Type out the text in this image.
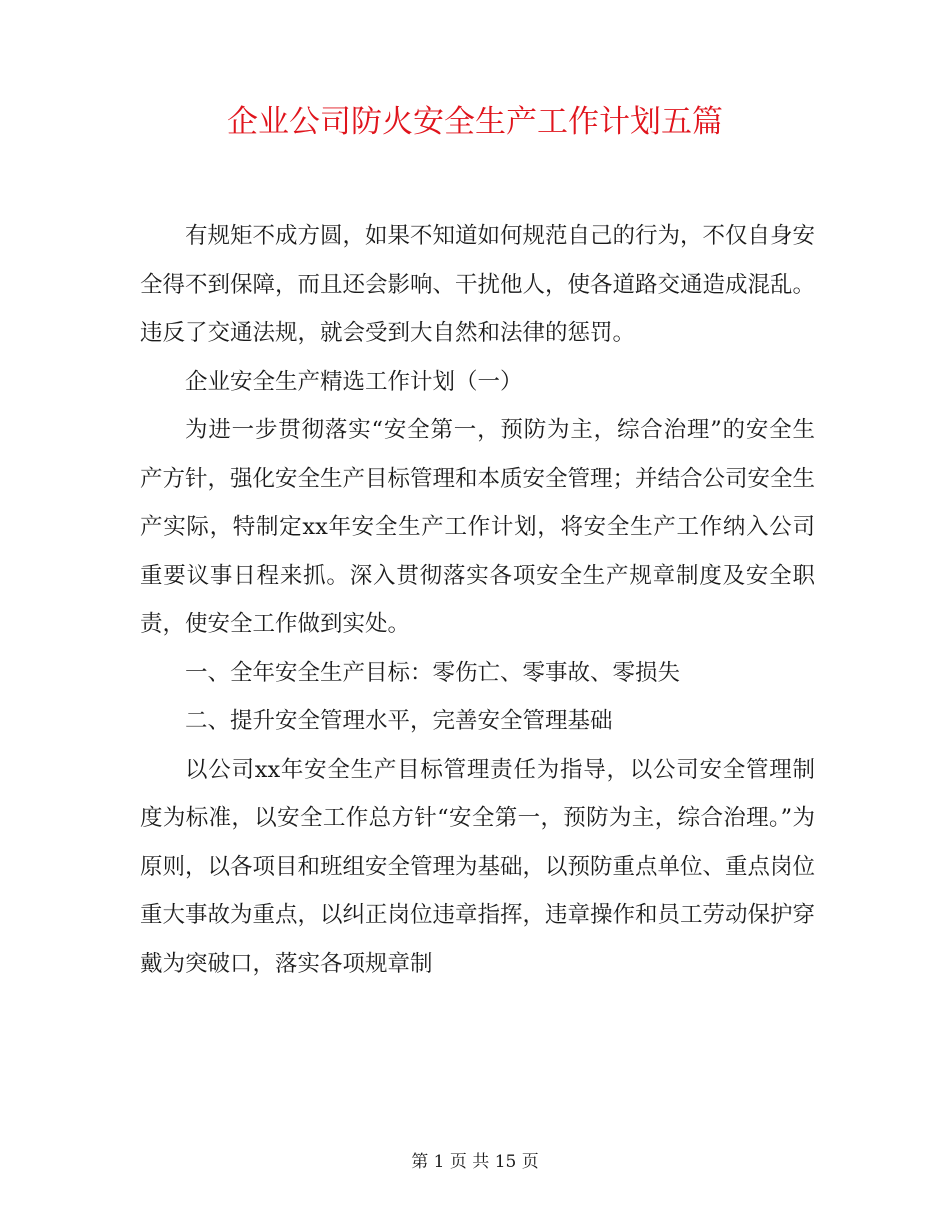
企业公司防火安全生产工作计划五篇

有规矩不成方圆，如果不知道如何规范自己的行为，不仅自身安全得不到保障，而且还会影响、干扰他人，使各道路交通造成混乱。违反了交通法规，就会受到大自然和法律的惩罚。

企业安全生产精选工作计划（一）

为进一步贯彻落实“安全第一，预防为主，综合治理”的安全生产方针，强化安全生产目标管理和本质安全管理；并结合公司安全生产实际，特制定xx年安全生产工作计划，将安全生产工作纳入公司重要议事日程来抓。深入贯彻落实各项安全生产规章制度及安全职责，使安全工作做到实处。

一、全年安全生产目标：零伤亡、零事故、零损失

二、提升安全管理水平，完善安全管理基础

以公司xx年安全生产目标管理责任为指导，以公司安全管理制度为标准，以安全工作总方针“安全第一，预防为主，综合治理。”为原则，以各项目和班组安全管理为基础，以预防重点单位、重点岗位重大事故为重点，以纠正岗位违章指挥，违章操作和员工劳动保护穿戴为突破口，落实各项规章制

第 1 页 共 15 页
